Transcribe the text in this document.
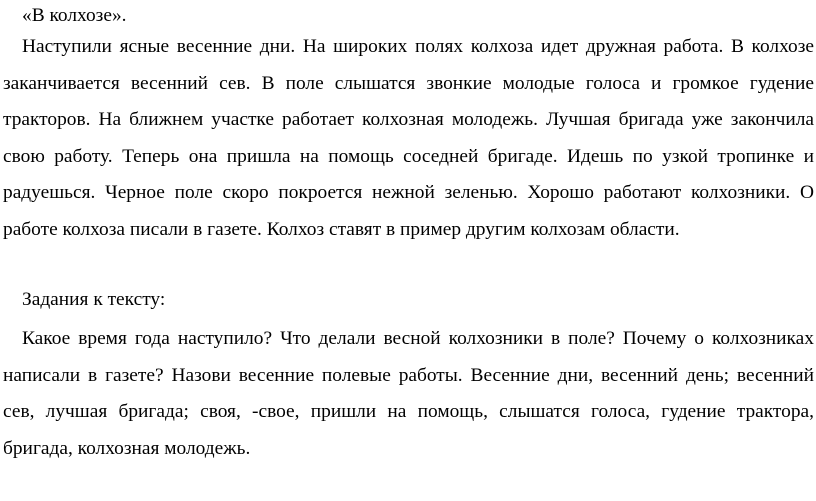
«В колхозе».

Наступили ясные весенние дни. На широких полях колхоза идет дружная работа. В колхозе заканчивается весенний сев. В поле слышатся звонкие молодые голоса и громкое гудение тракторов. На ближнем участке работает колхозная молодежь. Лучшая бригада уже закончила свою работу. Теперь она пришла на помощь соседней бригаде. Идешь по узкой тропинке и радуешься. Черное поле скоро покроется нежной зеленью. Хорошо работают колхозники. О работе колхоза писали в газете. Колхоз ставят в пример другим колхозам области.

Задания к тексту:

Какое время года наступило? Что делали весной колхозники в поле? Почему о колхозниках написали в газете? Назови весенние полевые работы. Весенние дни, весенний день; весенний сев, лучшая бригада; своя, -свое, пришли на помощь, слышатся голоса, гудение трактора, бригада, колхозная молодежь.
